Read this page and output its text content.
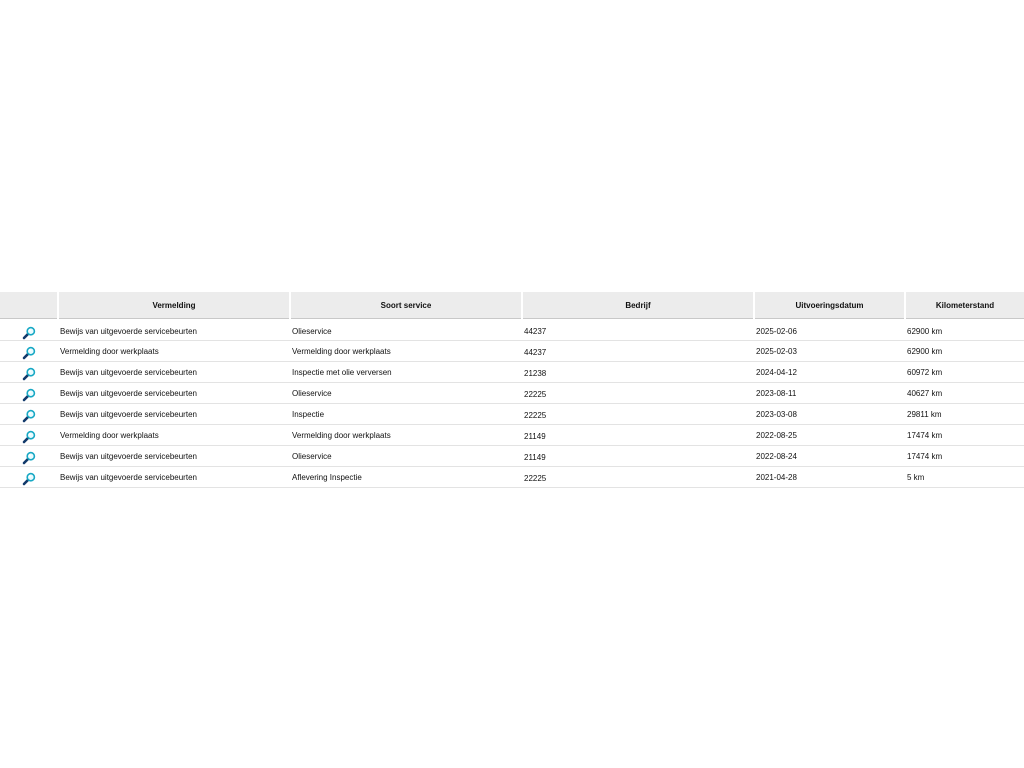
	Vermelding	Soort service	Bedrijf	Uitvoeringsdatum	Kilometerstand
	Bewijs van uitgevoerde servicebeurten	Olieservice	44237	2025-02-06	62900 km
	Vermelding door werkplaats	Vermelding door werkplaats	44237	2025-02-03	62900 km
	Bewijs van uitgevoerde servicebeurten	Inspectie met olie verversen	21238	2024-04-12	60972 km
	Bewijs van uitgevoerde servicebeurten	Olieservice	22225	2023-08-11	40627 km
	Bewijs van uitgevoerde servicebeurten	Inspectie	22225	2023-03-08	29811 km
	Vermelding door werkplaats	Vermelding door werkplaats	21149	2022-08-25	17474 km
	Bewijs van uitgevoerde servicebeurten	Olieservice	21149	2022-08-24	17474 km
	Bewijs van uitgevoerde servicebeurten	Aflevering Inspectie	22225	2021-04-28	5 km
